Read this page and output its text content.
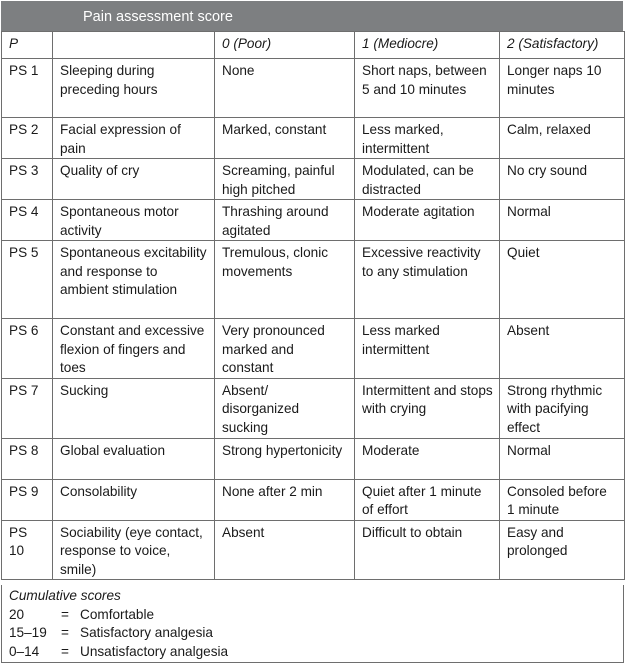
Pain assessment score
P		0 (Poor)	1 (Mediocre)	2 (Satisfactory)
PS 1	Sleeping during preceding hours	None	Short naps, between 5 and 10 minutes	Longer naps 10 minutes
PS 2	Facial expression of pain	Marked, constant	Less marked, intermittent	Calm, relaxed
PS 3	Quality of cry	Screaming, painful high pitched	Modulated, can be distracted	No cry sound
PS 4	Spontaneous motor activity	Thrashing around agitated	Moderate agitation	Normal
PS 5	Spontaneous excitability and response to ambient stimulation	Tremulous, clonic movements	Excessive reactivity to any stimulation	Quiet
PS 6	Constant and excessive flexion of fingers and toes	Very pronounced marked and constant	Less marked intermittent	Absent
PS 7	Sucking	Absent/ disorganized sucking	Intermittent and stops with crying	Strong rhythmic with pacifying effect
PS 8	Global evaluation	Strong hypertonicity	Moderate	Normal
PS 9	Consolability	None after 2 min	Quiet after 1 minute of effort	Consoled before 1 minute
PS 10	Sociability (eye contact, response to voice, smile)	Absent	Difficult to obtain	Easy and prolonged
Cumulative scores
20	= Comfortable
15–19 = Satisfactory analgesia
0–14 = Unsatisfactory analgesia
